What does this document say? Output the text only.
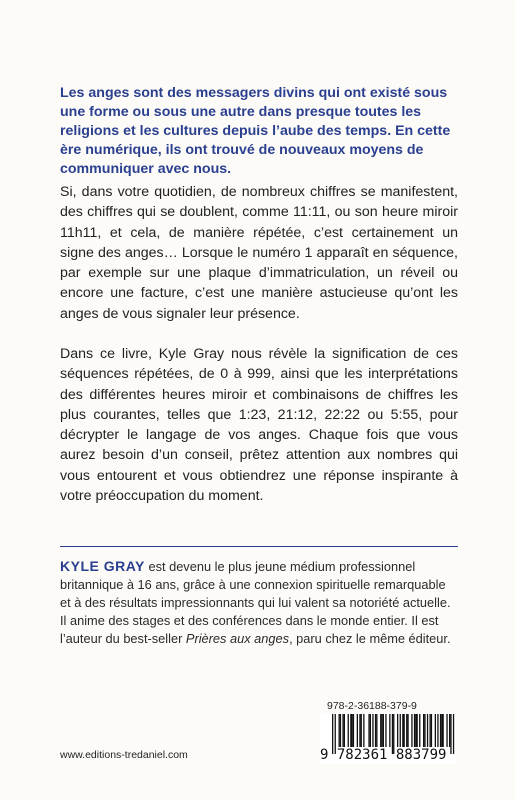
Les anges sont des messagers divins qui ont existé sous une forme ou sous une autre dans presque toutes les religions et les cultures depuis l’aube des temps. En cette ère numérique, ils ont trouvé de nouveaux moyens de communiquer avec nous.

Si, dans votre quotidien, de nombreux chiffres se manifestent, des chiffres qui se doublent, comme 11:11, ou son heure miroir 11h11, et cela, de manière répétée, c’est certainement un signe des anges… Lorsque le numéro 1 apparaît en séquence, par exemple sur une plaque d’immatriculation, un réveil ou encore une facture, c’est une manière astucieuse qu’ont les anges de vous signaler leur présence.

Dans ce livre, Kyle Gray nous révèle la signification de ces séquences répétées, de 0 à 999, ainsi que les interprétations des différentes heures miroir et combinaisons de chiffres les plus courantes, telles que 1:23, 21:12, 22:22 ou 5:55, pour décrypter le langage de vos anges. Chaque fois que vous aurez besoin d’un conseil, prêtez attention aux nombres qui vous entourent et vous obtiendrez une réponse inspirante à votre préoccupation du moment.

KYLE GRAY est devenu le plus jeune médium professionnel britannique à 16 ans, grâce à une connexion spirituelle remarquable et à des résultats impressionnants qui lui valent sa notoriété actuelle. Il anime des stages et des conférences dans le monde entier. Il est l’auteur du best-seller Prières aux anges, paru chez le même éditeur.

www.editions-tredaniel.com
978-2-36188-379-9
9 782361 883799
